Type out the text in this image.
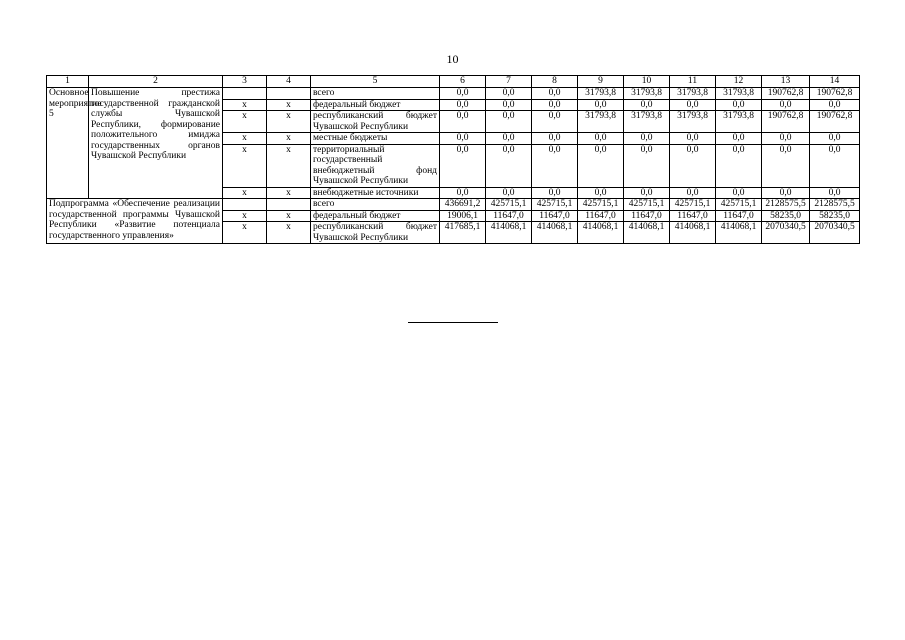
10
1	2	3	4	5	6	7	8	9	10	11	12	13	14
Основное мероприятие 5	Повышение престижа государственной гражданской службы Чувашской Республики, формирование положительного имиджа государственных органов Чувашской Республики			всего	0,0	0,0	0,0	31793,8	31793,8	31793,8	31793,8	190762,8	190762,8
		х	х	федеральный бюджет	0,0	0,0	0,0	0,0	0,0	0,0	0,0	0,0	0,0
		х	х	республиканский бюджет Чувашской Республики	0,0	0,0	0,0	31793,8	31793,8	31793,8	31793,8	190762,8	190762,8
		х	х	местные бюджеты	0,0	0,0	0,0	0,0	0,0	0,0	0,0	0,0	0,0
		х	х	территориальный государственный внебюджетный фонд Чувашской Республики	0,0	0,0	0,0	0,0	0,0	0,0	0,0	0,0	0,0
		х	х	внебюджетные источники	0,0	0,0	0,0	0,0	0,0	0,0	0,0	0,0	0,0
Подпрограмма «Обеспечение реализации государственной программы Чувашской Республики «Развитие потенциала государственного управления»				всего	436691,2	425715,1	425715,1	425715,1	425715,1	425715,1	425715,1	2128575,5	2128575,5
		х	х	федеральный бюджет	19006,1	11647,0	11647,0	11647,0	11647,0	11647,0	11647,0	58235,0	58235,0
		х	х	республиканский бюджет Чувашской Республики	417685,1	414068,1	414068,1	414068,1	414068,1	414068,1	414068,1	2070340,5	2070340,5
